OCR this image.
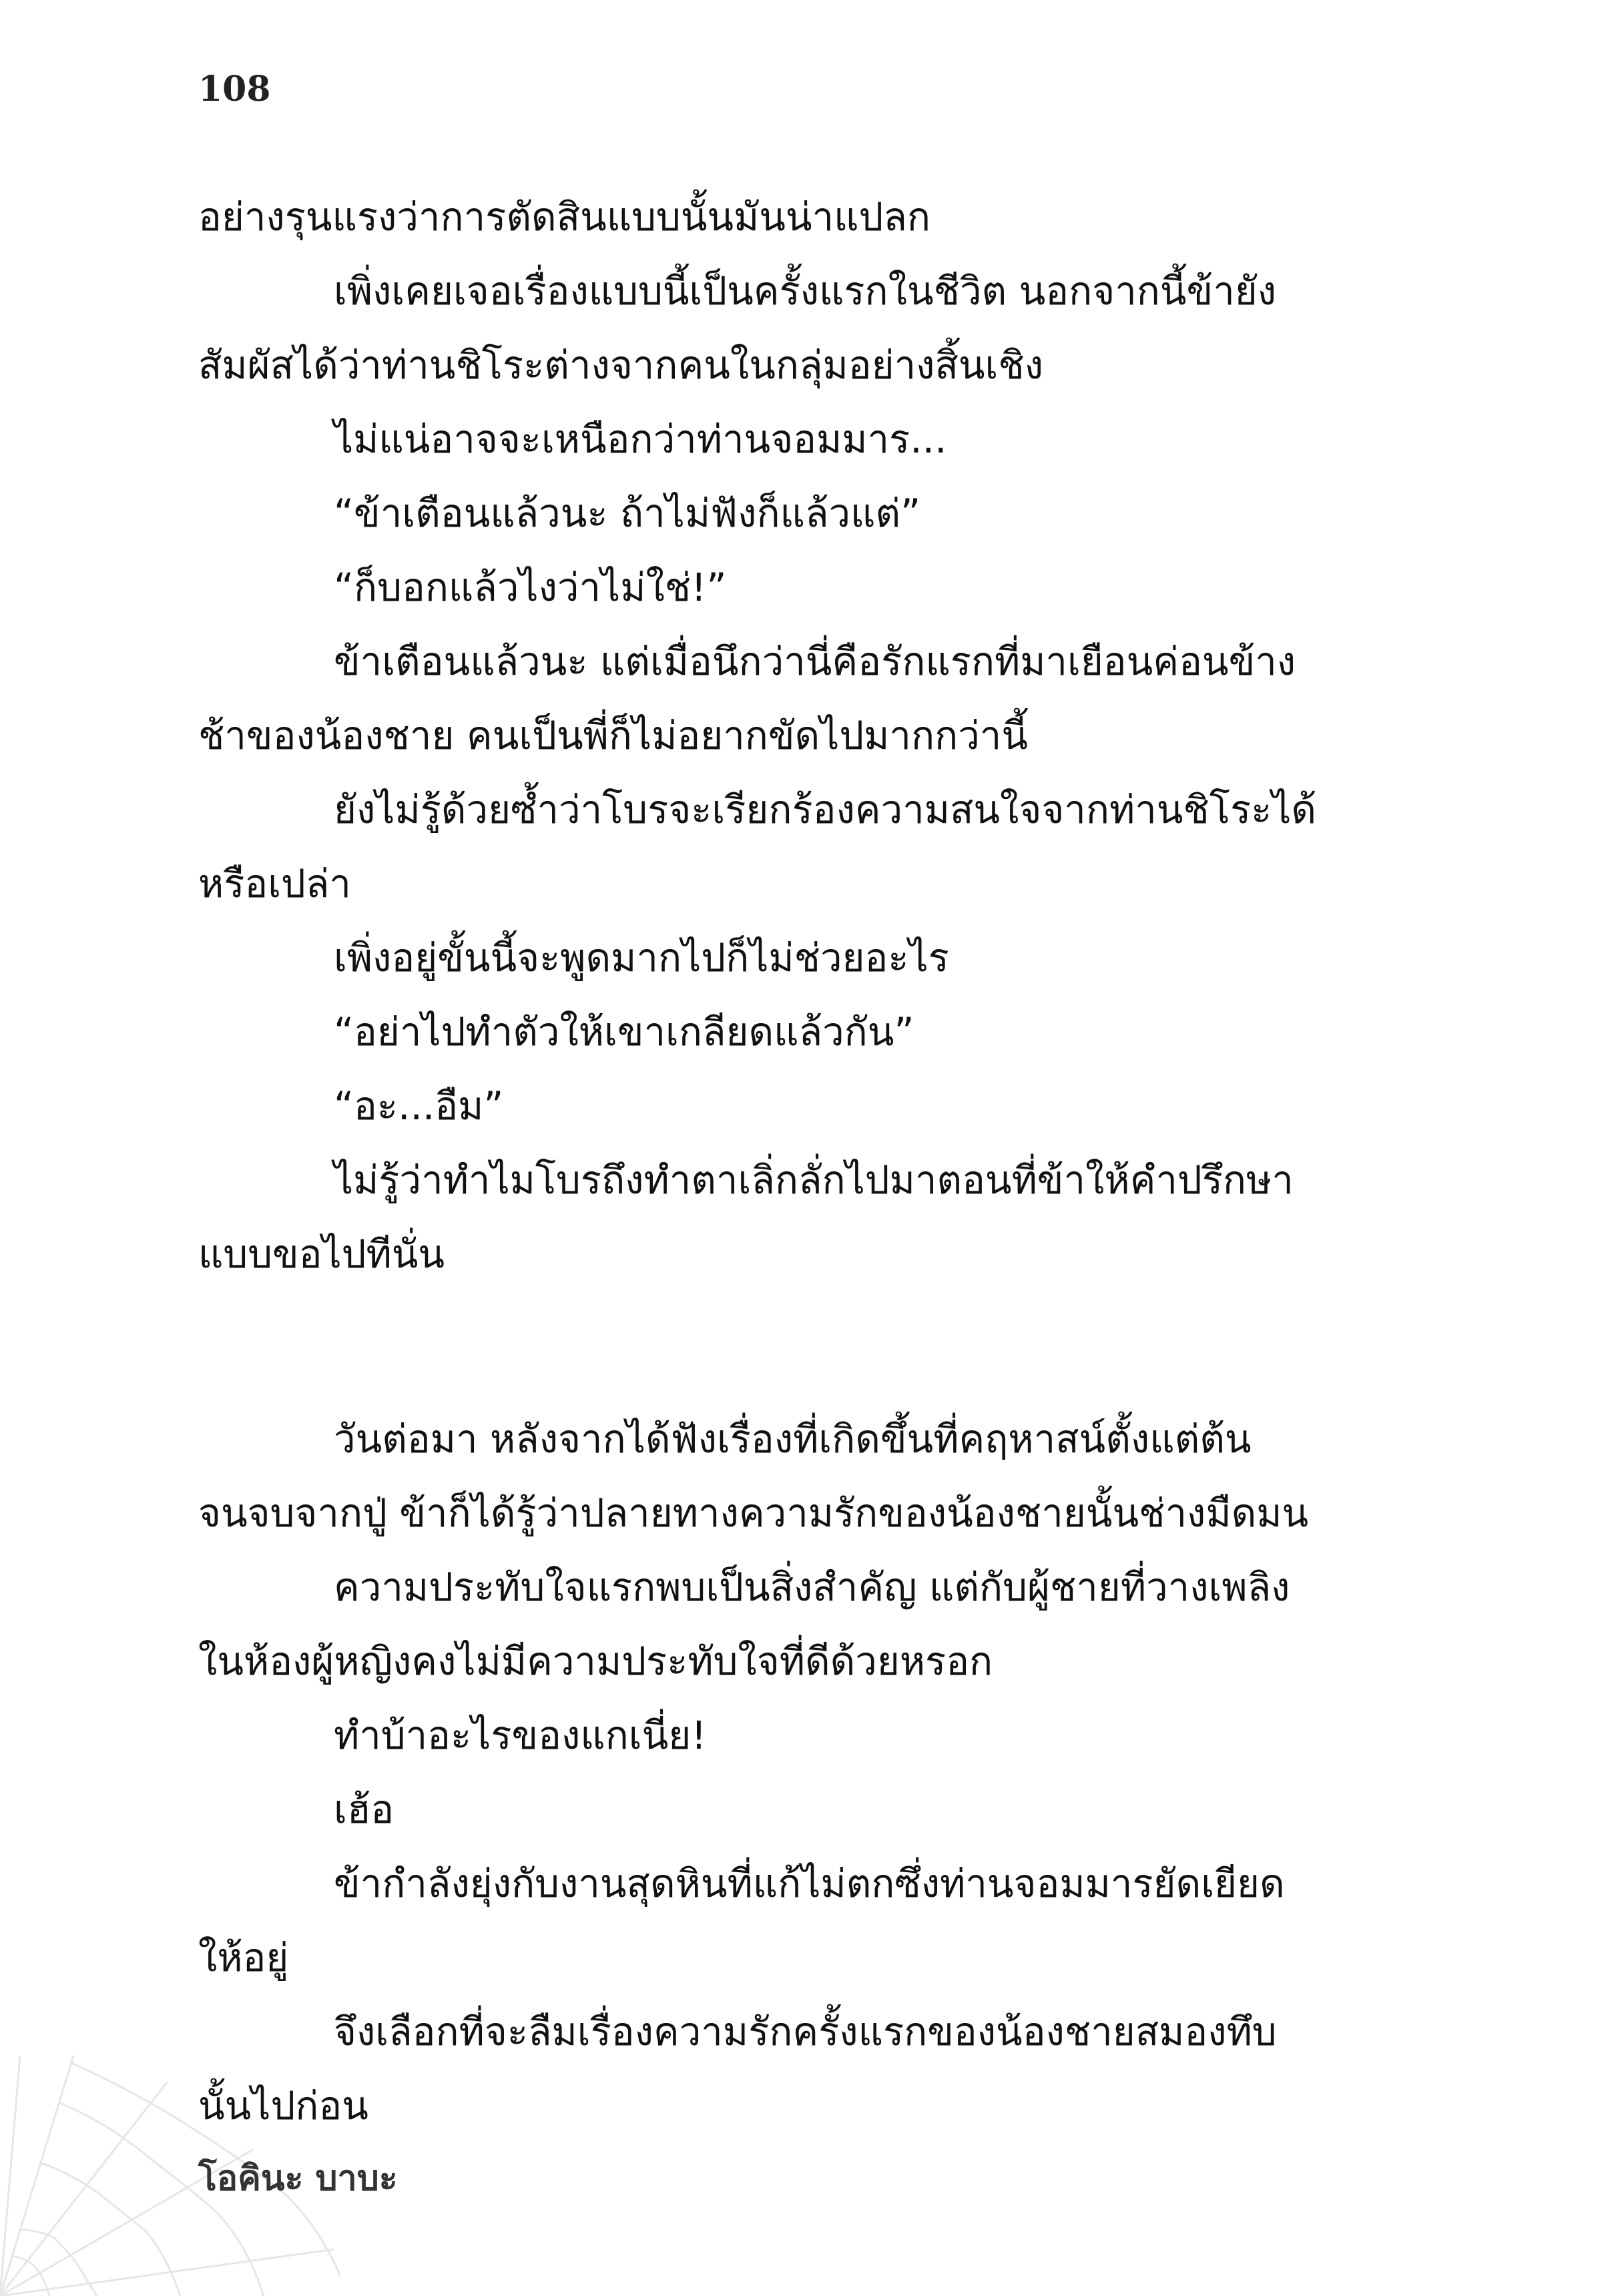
108
อย่างรุนแรงว่าการตัดสินแบบนั้นมันน่าแปลก
เพิ่งเคยเจอเรื่องแบบนี้เป็นครั้งแรกในชีวิต นอกจากนี้ข้ายัง
สัมผัสได้ว่าท่านชิโระต่างจากคนในกลุ่มอย่างสิ้นเชิง
ไม่แน่อาจจะเหนือกว่าท่านจอมมาร...
“ข้าเตือนแล้วนะ ถ้าไม่ฟังก็แล้วแต่”
“ก็บอกแล้วไงว่าไม่ใช่!”
ข้าเตือนแล้วนะ แต่เมื่อนึกว่านี่คือรักแรกที่มาเยือนค่อนข้าง
ช้าของน้องชาย คนเป็นพี่ก็ไม่อยากขัดไปมากกว่านี้
ยังไม่รู้ด้วยซ้ำว่าโบรจะเรียกร้องความสนใจจากท่านชิโระได้
หรือเปล่า
เพิ่งอยู่ขั้นนี้จะพูดมากไปก็ไม่ช่วยอะไร
“อย่าไปทำตัวให้เขาเกลียดแล้วกัน”
“อะ...อืม”
ไม่รู้ว่าทำไมโบรถึงทำตาเลิ่กลั่กไปมาตอนที่ข้าให้คำปรึกษา
แบบขอไปทีนั่น
วันต่อมา หลังจากได้ฟังเรื่องที่เกิดขึ้นที่คฤหาสน์ตั้งแต่ต้น
จนจบจากปู่ ข้าก็ได้รู้ว่าปลายทางความรักของน้องชายนั้นช่างมืดมน
ความประทับใจแรกพบเป็นสิ่งสำคัญ แต่กับผู้ชายที่วางเพลิง
ในห้องผู้หญิงคงไม่มีความประทับใจที่ดีด้วยหรอก
ทำบ้าอะไรของแกเนี่ย!
เฮ้อ
ข้ากำลังยุ่งกับงานสุดหินที่แก้ไม่ตกซึ่งท่านจอมมารยัดเยียด
ให้อยู่
จึงเลือกที่จะลืมเรื่องความรักครั้งแรกของน้องชายสมองทึบ
นั้นไปก่อน
โอคินะ บาบะ
